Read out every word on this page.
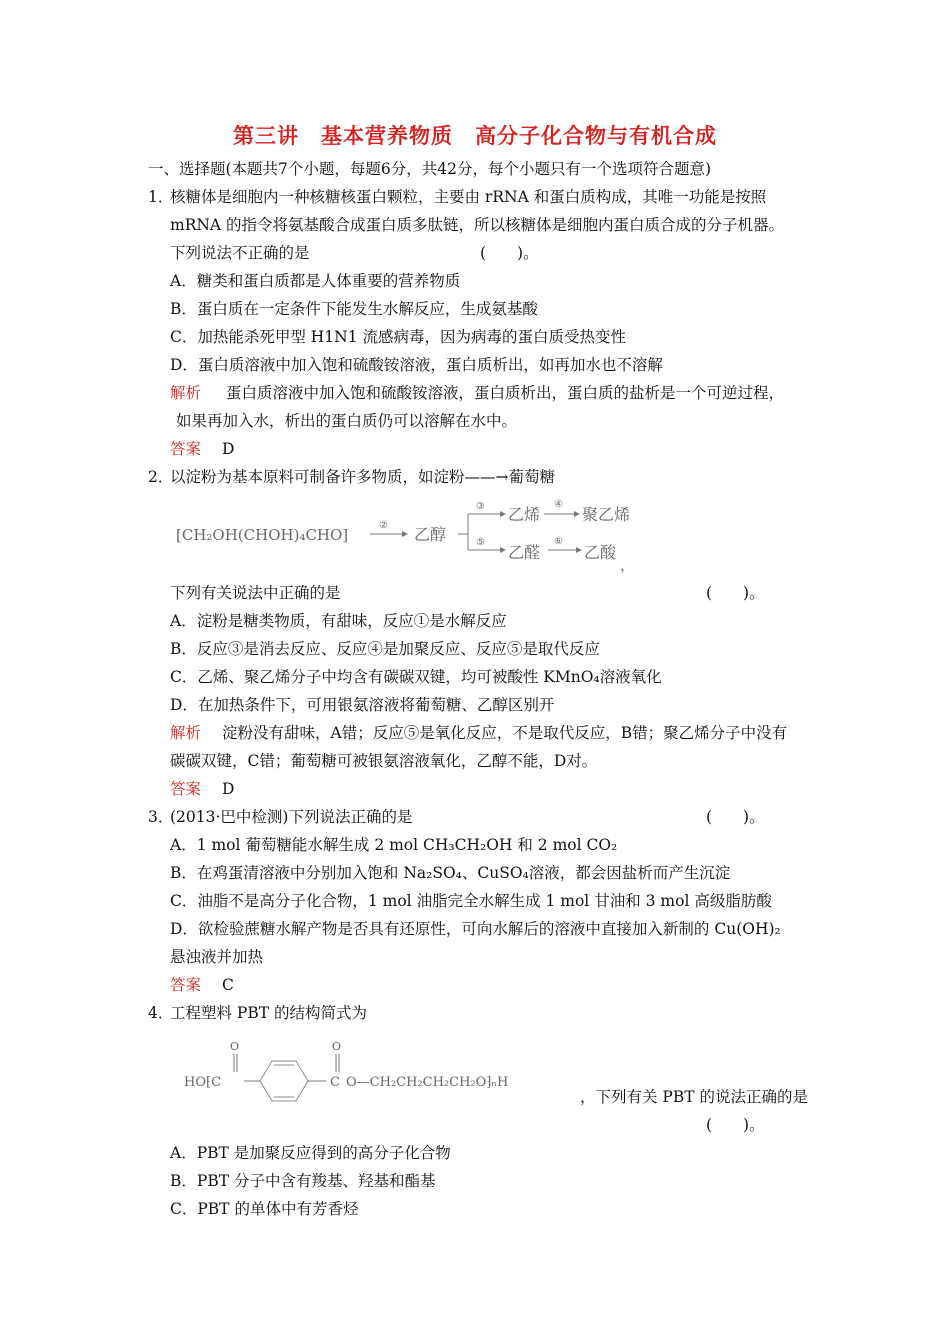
第三讲　基本营养物质　高分子化合物与有机合成
一、选择题(本题共7个小题，每题6分，共42分，每个小题只有一个选项符合题意)
1．
核糖体是细胞内一种核糖核蛋白颗粒，主要由 rRNA 和蛋白质构成，其唯一功能是按照
mRNA 的指令将氨基酸合成蛋白质多肽链，所以核糖体是细胞内蛋白质合成的分子机器。
下列说法不正确的是	(　　)。
A．糖类和蛋白质都是人体重要的营养物质
B．蛋白质在一定条件下能发生水解反应，生成氨基酸
C．加热能杀死甲型 H1N1 流感病毒，因为病毒的蛋白质受热变性
D．蛋白质溶液中加入饱和硫酸铵溶液，蛋白质析出，如再加水也不溶解
解析 蛋白质溶液中加入饱和硫酸铵溶液，蛋白质析出，蛋白质的盐析是一个可逆过程，
如果再加入水，析出的蛋白质仍可以溶解在水中。
答案 D
2．
以淀粉为基本原料可制备许多物质，如淀粉——→葡萄糖
[CH₂OH(CHOH)₄CHO]
② 乙醇
③ 乙烯
④
聚乙烯
⑤
乙醛
⑥
乙酸
，
下列有关说法中正确的是	(　　)。
A．淀粉是糖类物质，有甜味，反应①是水解反应
B．反应③是消去反应、反应④是加聚反应、反应⑤是取代反应
C．乙烯、聚乙烯分子中均含有碳碳双键，均可被酸性 KMnO₄溶液氧化
D．在加热条件下，可用银氨溶液将葡萄糖、乙醇区别开
解析 淀粉没有甜味，A错；反应⑤是氧化反应，不是取代反应，B错；聚乙烯分子中没有
碳碳双键，C错；葡萄糖可被银氨溶液氧化，乙醇不能，D对。
答案 D
3．
(2013·巴中检测)下列说法正确的是	(　　)。
A．1 mol 葡萄糖能水解生成 2 mol CH₃CH₂OH 和 2 mol CO₂
B．在鸡蛋清溶液中分别加入饱和 Na₂SO₄、CuSO₄溶液，都会因盐析而产生沉淀
C．油脂不是高分子化合物，1 mol 油脂完全水解生成 1 mol 甘油和 3 mol 高级脂肪酸
D．欲检验蔗糖水解产物是否具有还原性，可向水解后的溶液中直接加入新制的 Cu(OH)₂
悬浊液并加热
答案 C
4．
工程塑料 PBT 的结构简式为
HO⁅C
O	O
C O—CH₂CH₂CH₂CH₂O⁆ₙH
，下列有关 PBT 的说法正确的是
(　　)。
A．PBT 是加聚反应得到的高分子化合物
B．PBT 分子中含有羧基、羟基和酯基
C．PBT 的单体中有芳香烃
